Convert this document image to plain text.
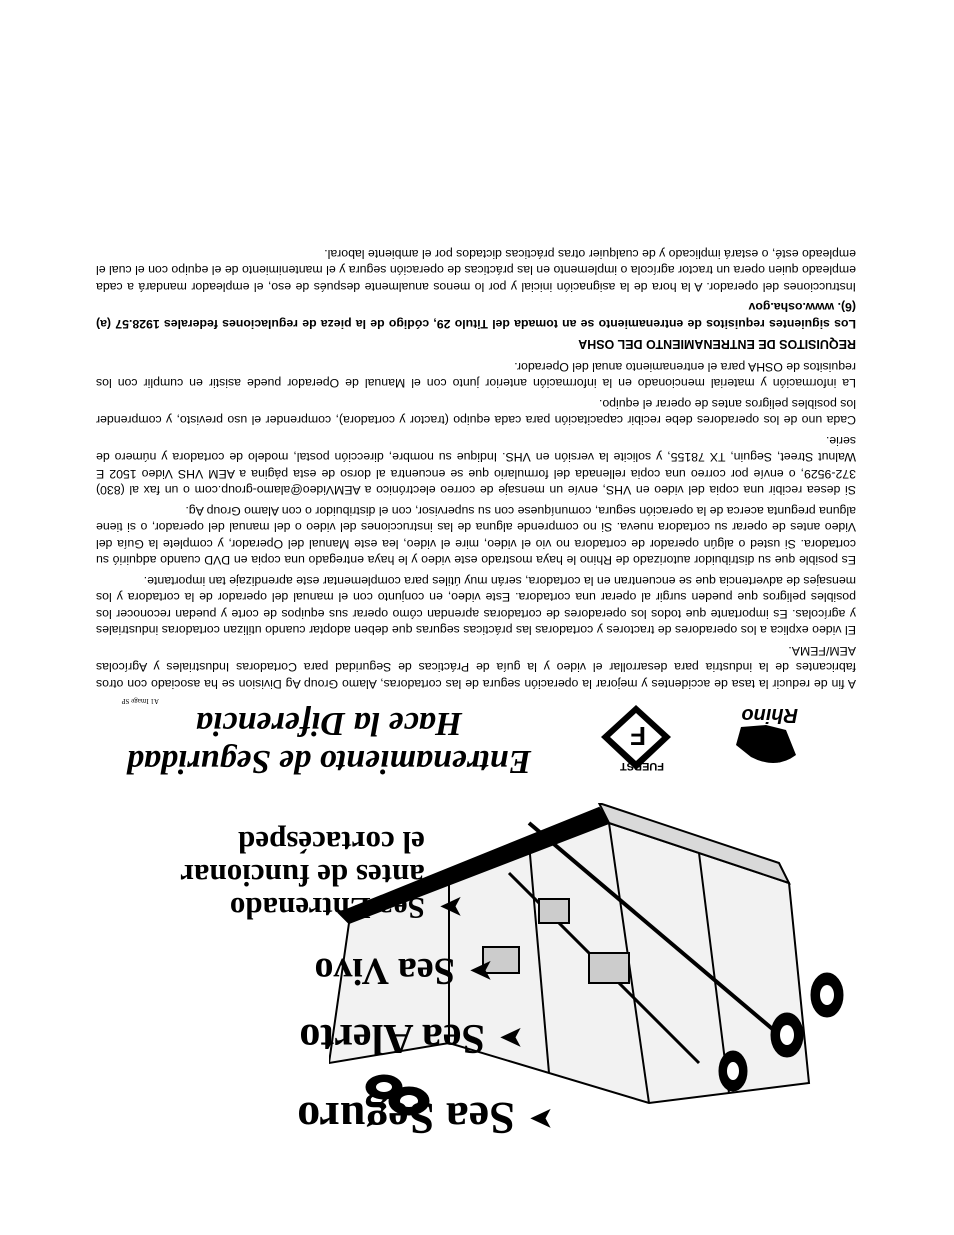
➤
Sea Seguro
➤
Sea Alerto
➤
Sea Vivo
➤
Sea Entrenado
antes de funcionar
el cortacésped
Rhino
F
FUERST
Entrenamiento de Seguridad
Hace la Diferencia
A1 Image SP

A fin de reducir la tasa de accidentes y mejorar la operación segura de las cortadoras, Alamo Group Ag Division se ha asociado con otros fabricantes de la industria para desarrollar el video y la guía de Prácticas de Seguridad para Cortadoras Industriales y Agrícolas AEM/FEMA.

El video explica a los operadores de tractores y cortadoras las prácticas seguras que deben adoptar cuando utilizan cortadoras industriales y agrícolas. Es importante que todos los operadores de cortadoras aprendan cómo operar sus equipos de corte y puedan reconocer los posibles peligros que pueden surgir al operar una cortadora. Este video, en conjunto con el manual del operador de la cortadora y los mensajes de advertencia que se encuentran en la cortadora, serán muy útiles para complementar este aprendizaje tan importante.

Es posible que su distribuidor autorizado de Rhino le haya mostrado este video y le haya entregado una copia en DVD cuando adquirió su cortadora. Si usted o algún operador de cortadora no vio el video, mire el video, lea este Manual del Operador, y complete la Guía del Video antes de operar su cortadora nueva. Si no comprende alguna de las instrucciones del video o del manual del operador, o si tiene alguna pregunta acerca de la operación segura, comuníquese con su supervisor, con el distribuidor o con Alamo Group Ag.

Si desea recibir una copia del video en VHS, envíe un mensaje de correo electrónico a AEMVideo@alamo-group.com o un fax al (830) 372-9529, o envíe por correo una copia rellenada del formulario que se encuentra al dorso de esta página a AEM VHS Video 1502 E Walnut Street, Seguin, TX 78155, y solicite la versión en VHS. Indique su nombre, dirección postal, modelo de cortadora y número de serie.

Cada uno de los operadores debe recibir capacitación para cada equipo (tractor y cortadora), comprender el uso previsto, y comprender los posibles peligros antes de operar el equipo.

La información y material mencionado en la información anterior junto con el Manual de Operador puede asistir en cumplir con los requisitos de OSHA para el entrenamiento anual del Operador.

REQUISITOS DE ENTRENAMIENTO DEL OSHA

Los siguientes requisitos de entrenamiento se an tomada del Titulo 29, código de la pieza de regulaciones federales 1928.57 (a) (6). www.osha.gov

Instrucciones del operador. A la hora de la asignación inicial y por lo menos anualmente después de eso, el empleador mandará a cada empleado quien opera un tractor agrícola o implemento en las prácticas de operación segura y el mantenimiento de el equipo con el cual el empleado esté, o estará implicado y de cualquier otras prácticas dictados por el ambiente laboral.
